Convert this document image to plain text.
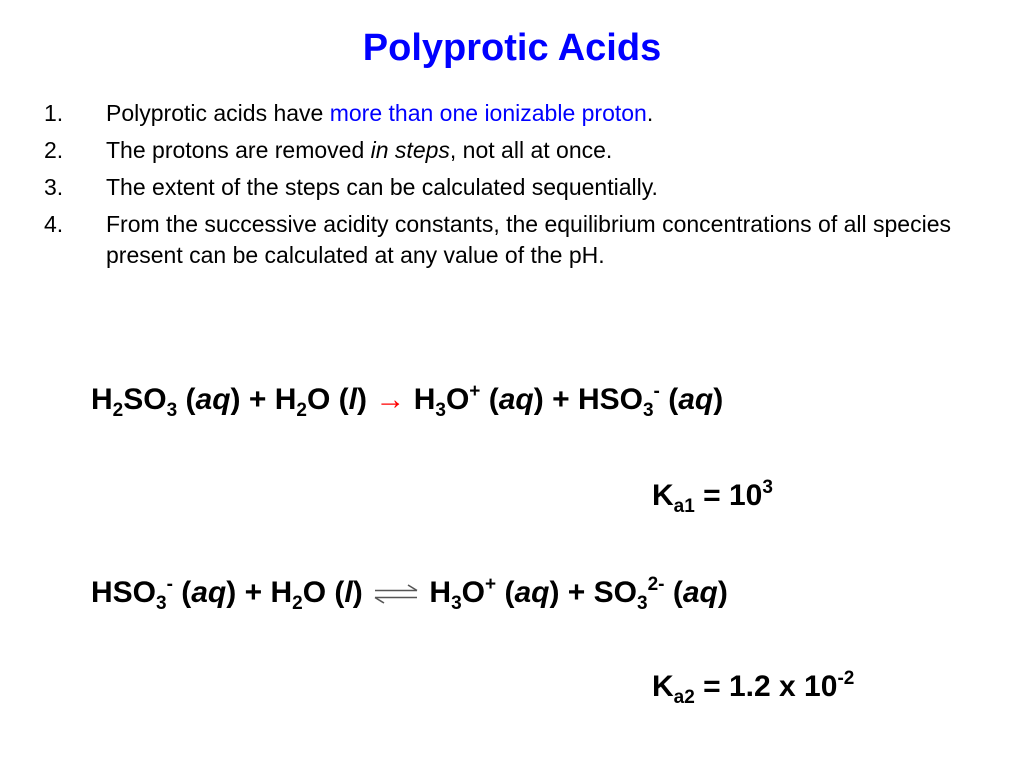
Polyprotic Acids
1. Polyprotic acids have more than one ionizable proton.
2. The protons are removed in steps, not all at once.
3. The extent of the steps can be calculated sequentially.
4. From the successive acidity constants, the equilibrium concentrations of all species present can be calculated at any value of the pH.
$H_2SO_3$ $(aq) + H_2O$ $(l) \to H_3O^+$ $(aq) + HSO_3^-$ (aq)
$K_{a1} = 10^3$
$HSO_3^-$ $(aq) + H_2O$ (l) ⇌ $H_3O^+$ $(aq) + SO_3^{2-}$ (aq)
$K_{a2} = 1.2$ x $10^{-2}$
